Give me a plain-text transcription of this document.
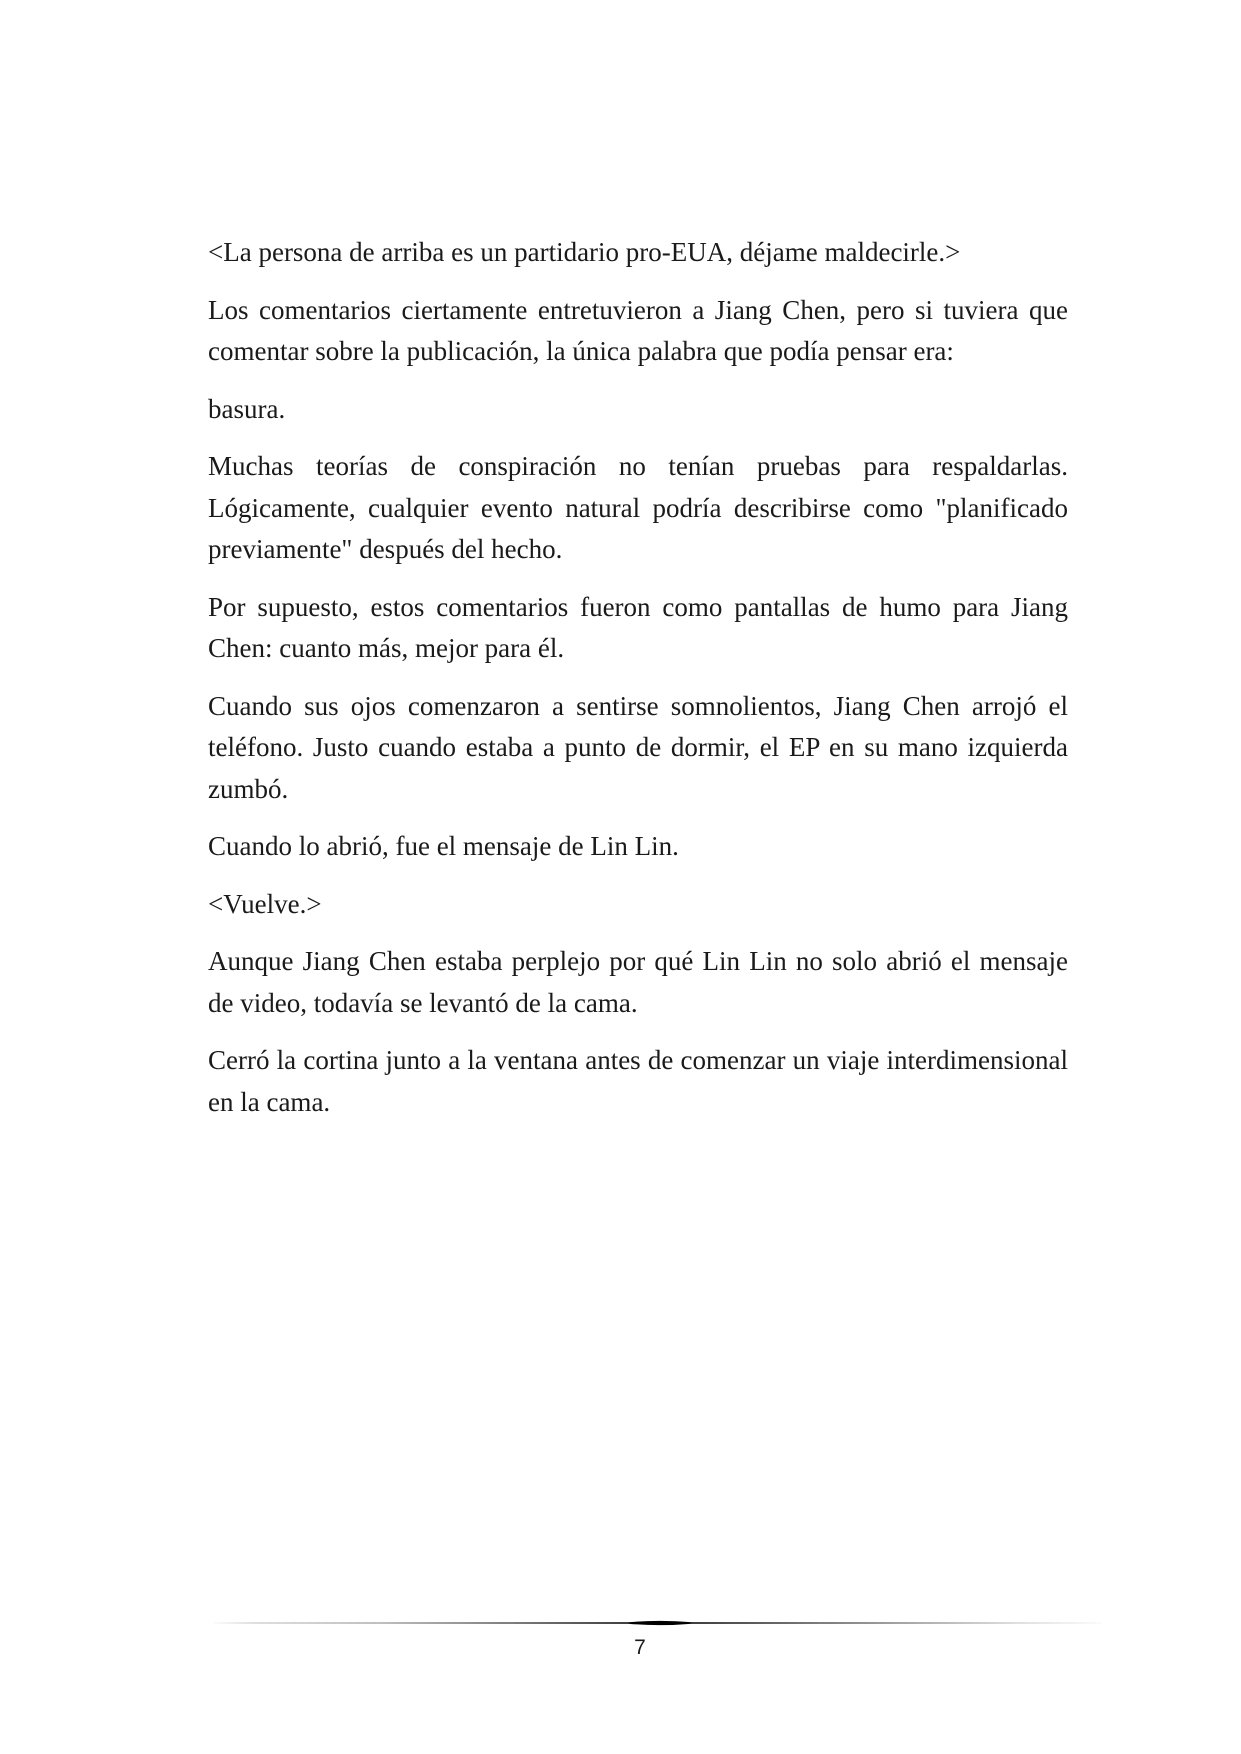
<La persona de arriba es un partidario pro-EUA, déjame maldecirle.>

Los comentarios ciertamente entretuvieron a Jiang Chen, pero si tuviera que comentar sobre la publicación, la única palabra que podía pensar era:

basura.

Muchas teorías de conspiración no tenían pruebas para respaldarlas. Lógicamente, cualquier evento natural podría describirse como "planificado previamente" después del hecho.

Por supuesto, estos comentarios fueron como pantallas de humo para Jiang Chen: cuanto más, mejor para él.

Cuando sus ojos comenzaron a sentirse somnolientos, Jiang Chen arrojó el teléfono. Justo cuando estaba a punto de dormir, el EP en su mano izquierda zumbó.

Cuando lo abrió, fue el mensaje de Lin Lin.

<Vuelve.>

Aunque Jiang Chen estaba perplejo por qué Lin Lin no solo abrió el mensaje de video, todavía se levantó de la cama.

Cerró la cortina junto a la ventana antes de comenzar un viaje interdimensional en la cama.

7
